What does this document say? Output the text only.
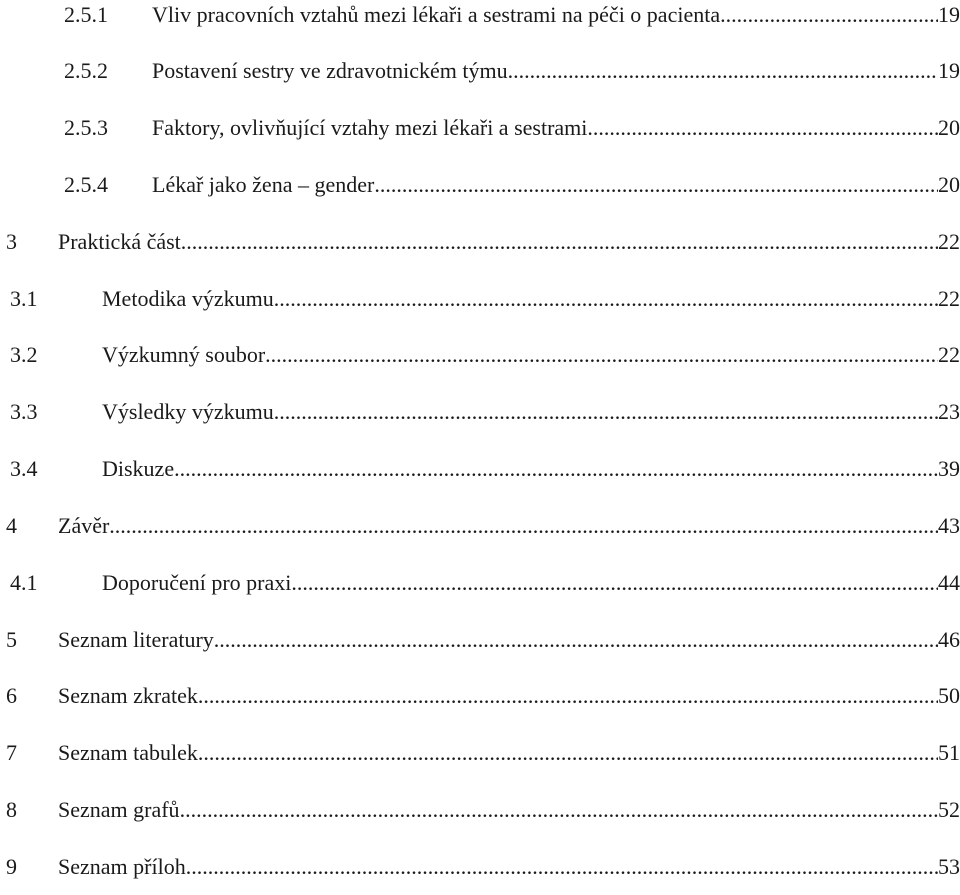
2.5.1 Vliv pracovních vztahů mezi lékaři a sestrami na péči o pacienta .....	19
2.5.2 Postavení sestry ve zdravotnickém týmu .....	19
2.5.3 Faktory, ovlivňující vztahy mezi lékaři a sestrami .....	20
2.5.4 Lékař jako žena – gender .....	20
3 Praktická část .....	22
3.1	Metodika výzkumu .....	22
3.2	Výzkumný soubor .....	22
3.3	Výsledky výzkumu .....	23
3.4	Diskuze .....	39
4 Závěr .....	43
4.1	Doporučení pro praxi .....	44
5 Seznam literatury .....	46
6 Seznam zkratek .....	50
7 Seznam tabulek .....	51
8 Seznam grafů .....	52
9 Seznam příloh .....	53
